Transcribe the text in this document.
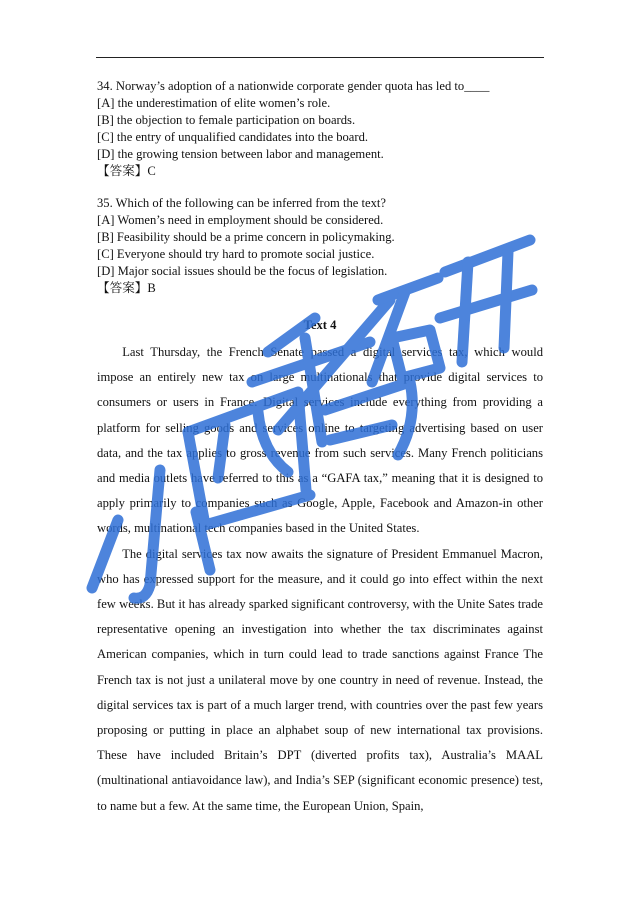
34. Norway’s adoption of a nationwide corporate gender quota has led to____
[A] the underestimation of elite women’s role.
[B] the objection to female participation on boards.
[C] the entry of unqualified candidates into the board.
[D] the growing tension between labor and management.
【答案】C
35. Which of the following can be inferred from the text?
[A] Women’s need in employment should be considered.
[B] Feasibility should be a prime concern in policymaking.
[C] Everyone should try hard to promote social justice.
[D] Major social issues should be the focus of legislation.
【答案】B
Text 4

Last Thursday, the French Senate passed a digital services tax, which would impose an entirely new tax on large multinationals that provide digital services to consumers or users in France. Digital services include everything from providing a platform for selling goods and services online to targeting advertising based on user data, and the tax applies to gross revenue from such services. Many French politicians and media outlets have referred to this as a “GAFA tax,” meaning that it is designed to apply primarily to companies such as Google, Apple, Facebook and Amazon-in other words, multinational tech companies based in the United States.

The digital services tax now awaits the signature of President Emmanuel Macron, who has expressed support for the measure, and it could go into effect within the next few weeks. But it has already sparked significant controversy, with the Unite Sates trade representative opening an investigation into whether the tax discriminates against American companies, which in turn could lead to trade sanctions against France The French tax is not just a unilateral move by one country in need of revenue. Instead, the digital services tax is part of a much larger trend, with countries over the past few years proposing or putting in place an alphabet soup of new international tax provisions. These have included Britain’s DPT (diverted profits tax), Australia’s MAAL (multinational antiavoidance law), and India’s SEP (significant economic presence) test, to name but a few. At the same time, the European Union, Spain,
